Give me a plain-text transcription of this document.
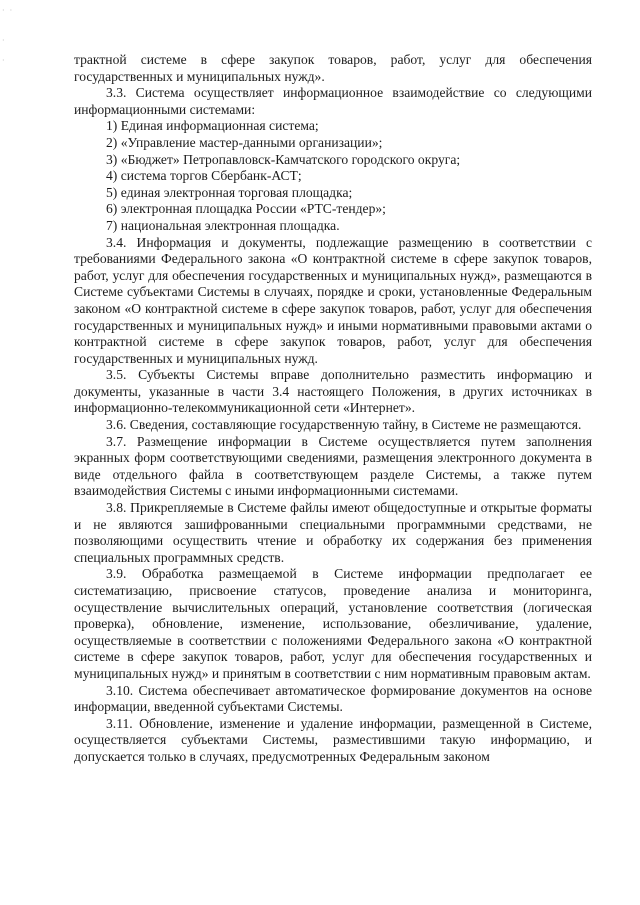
·  ·

·

·	трактной системе в сфере закупок товаров, работ, услуг для обеспечения государственных и муниципальных нужд».

3.3. Система осуществляет информационное взаимодействие со следующими информационными системами:

1) Единая информационная система;

2) «Управление мастер-данными организации»;

3) «Бюджет» Петропавловск-Камчатского городского округа;

4) система торгов Сбербанк-АСТ;

5) единая электронная торговая площадка;

6) электронная площадка России «РТС-тендер»;

7) национальная электронная площадка.

3.4. Информация и документы, подлежащие размещению в соответствии с требованиями Федерального закона «О контрактной системе в сфере закупок товаров, работ, услуг для обеспечения государственных и муниципальных нужд», размещаются в Системе субъектами Системы в случаях, порядке и сроки, установленные Федеральным законом «О контрактной системе в сфере закупок товаров, работ, услуг для обеспечения государственных и муниципальных нужд» и иными нормативными правовыми актами о контрактной системе в сфере закупок товаров, работ, услуг для обеспечения государственных и муниципальных нужд.

3.5. Субъекты Системы вправе дополнительно разместить информацию и документы, указанные в части 3.4 настоящего Положения, в других источниках в информационно-телекоммуникационной сети «Интернет».

3.6. Сведения, составляющие государственную тайну, в Системе не размещаются.

3.7. Размещение информации в Системе осуществляется путем заполнения экранных форм соответствующими сведениями, размещения электронного документа в виде отдельного файла в соответствующем разделе Системы, а также путем взаимодействия Системы с иными информационными системами.

3.8. Прикрепляемые в Системе файлы имеют общедоступные и открытые форматы и не являются зашифрованными специальными программными средствами, не позволяющими осуществить чтение и обработку их содержания без применения специальных программных средств.

3.9. Обработка размещаемой в Системе информации предполагает ее систематизацию, присвоение статусов, проведение анализа и мониторинга, осуществление вычислительных операций, установление соответствия (логическая проверка), обновление, изменение, использование, обезличивание, удаление, осуществляемые в соответствии с положениями Федерального закона «О контрактной системе в сфере закупок товаров, работ, услуг для обеспечения государственных и муниципальных нужд» и принятым в соответствии с ним нормативным правовым актам.

3.10. Система обеспечивает автоматическое формирование документов на основе информации, введенной субъектами Системы.

3.11. Обновление, изменение и удаление информации, размещенной в Системе, осуществляется субъектами Системы, разместившими такую информацию, и допускается только в случаях, предусмотренных Федеральным законом
